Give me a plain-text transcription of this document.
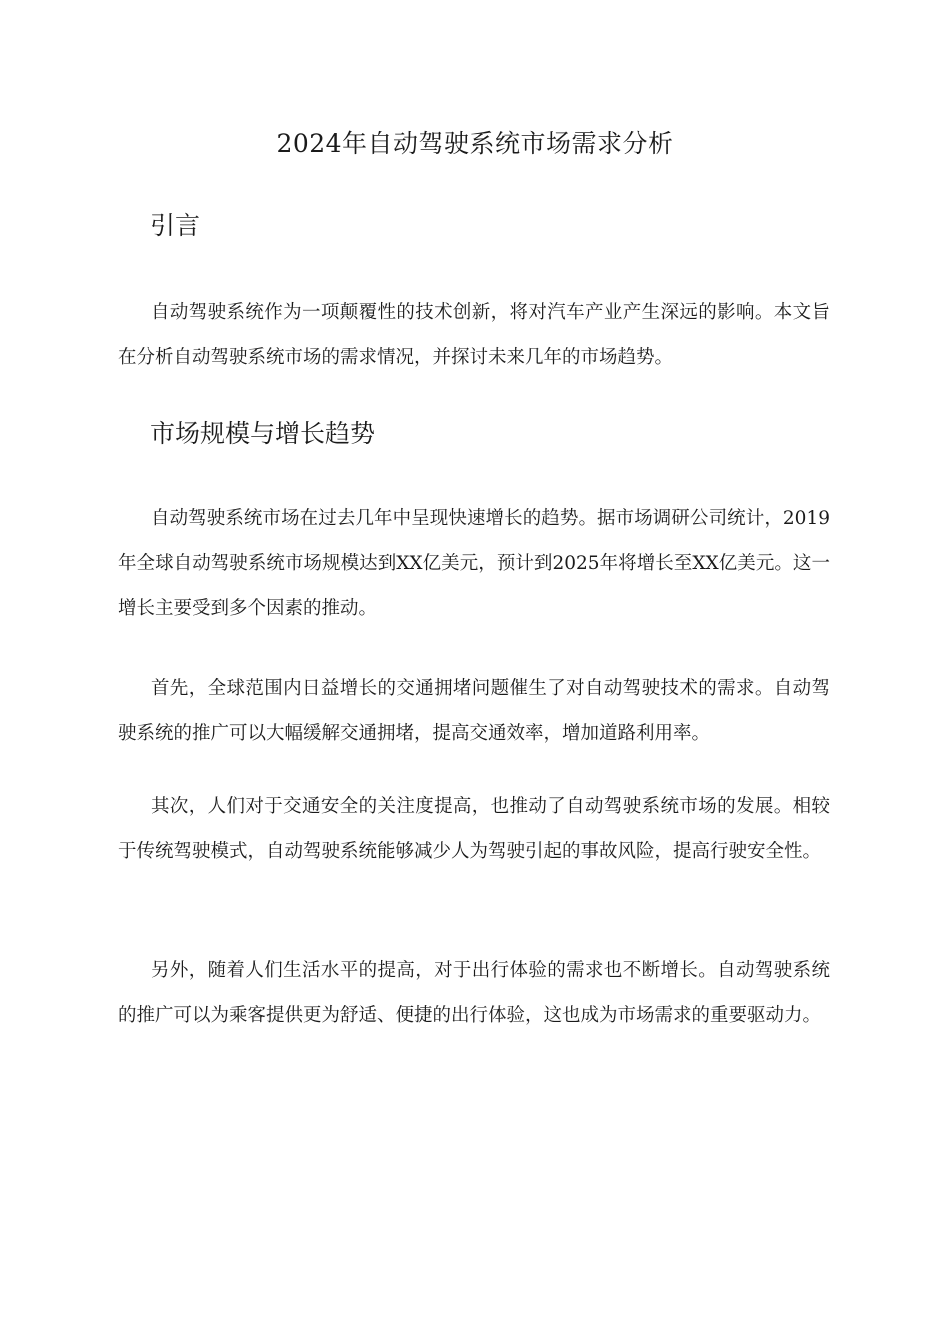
2024年自动驾驶系统市场需求分析
引言

自动驾驶系统作为一项颠覆性的技术创新，将对汽车产业产生深远的影响。本文旨在分析自动驾驶系统市场的需求情况，并探讨未来几年的市场趋势。

市场规模与增长趋势

自动驾驶系统市场在过去几年中呈现快速增长的趋势。据市场调研公司统计，2019年全球自动驾驶系统市场规模达到XX亿美元，预计到2025年将增长至XX亿美元。这一增长主要受到多个因素的推动。

首先，全球范围内日益增长的交通拥堵问题催生了对自动驾驶技术的需求。自动驾驶系统的推广可以大幅缓解交通拥堵，提高交通效率，增加道路利用率。

其次，人们对于交通安全的关注度提高，也推动了自动驾驶系统市场的发展。相较于传统驾驶模式，自动驾驶系统能够减少人为驾驶引起的事故风险，提高行驶安全性。

另外，随着人们生活水平的提高，对于出行体验的需求也不断增长。自动驾驶系统的推广可以为乘客提供更为舒适、便捷的出行体验，这也成为市场需求的重要驱动力。
